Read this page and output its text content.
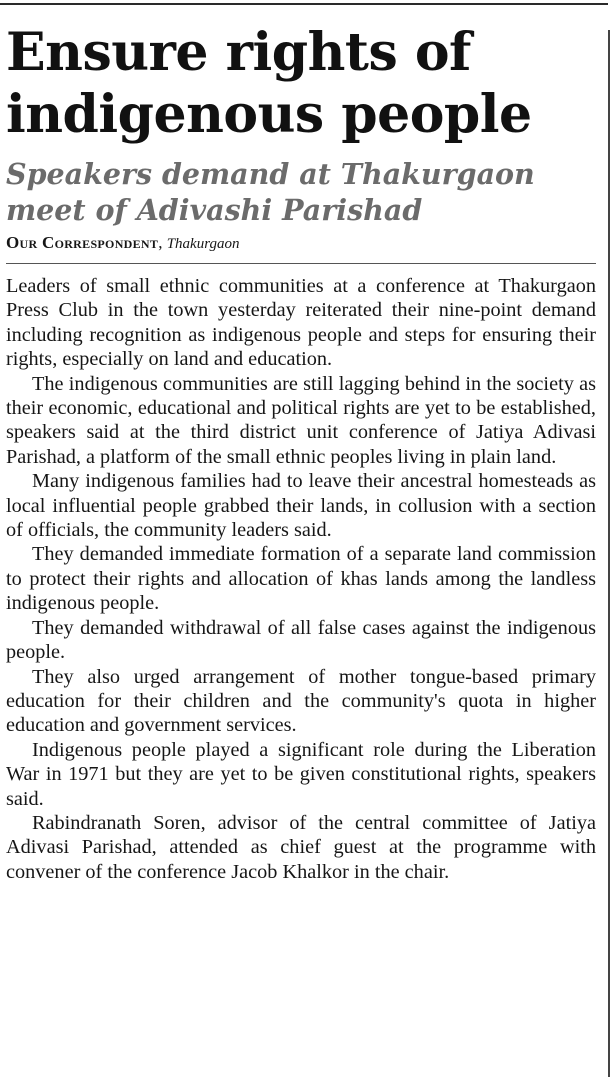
Ensure rights of indigenous people
Speakers demand at Thakurgaon meet of Adivashi Parishad
Our Correspondent, Thakurgaon

Leaders of small ethnic communities at a conference at Thakurgaon Press Club in the town yesterday reiterated their nine-point demand including recognition as indigenous people and steps for ensuring their rights, especially on land and education.

The indigenous communities are still lagging behind in the society as their economic, educational and political rights are yet to be established, speakers said at the third district unit conference of Jatiya Adivasi Parishad, a platform of the small ethnic peoples living in plain land.

Many indigenous families had to leave their ancestral homesteads as local influential people grabbed their lands, in collusion with a section of officials, the community leaders said.

They demanded immediate formation of a separate land commission to protect their rights and allocation of khas lands among the landless indigenous people.

They demanded withdrawal of all false cases against the indigenous people.

They also urged arrangement of mother tongue-based primary education for their children and the community's quota in higher education and government services.

Indigenous people played a significant role during the Liberation War in 1971 but they are yet to be given constitutional rights, speakers said.

Rabindranath Soren, advisor of the central committee of Jatiya Adivasi Parishad, attended as chief guest at the programme with convener of the conference Jacob Khalkor in the chair.
